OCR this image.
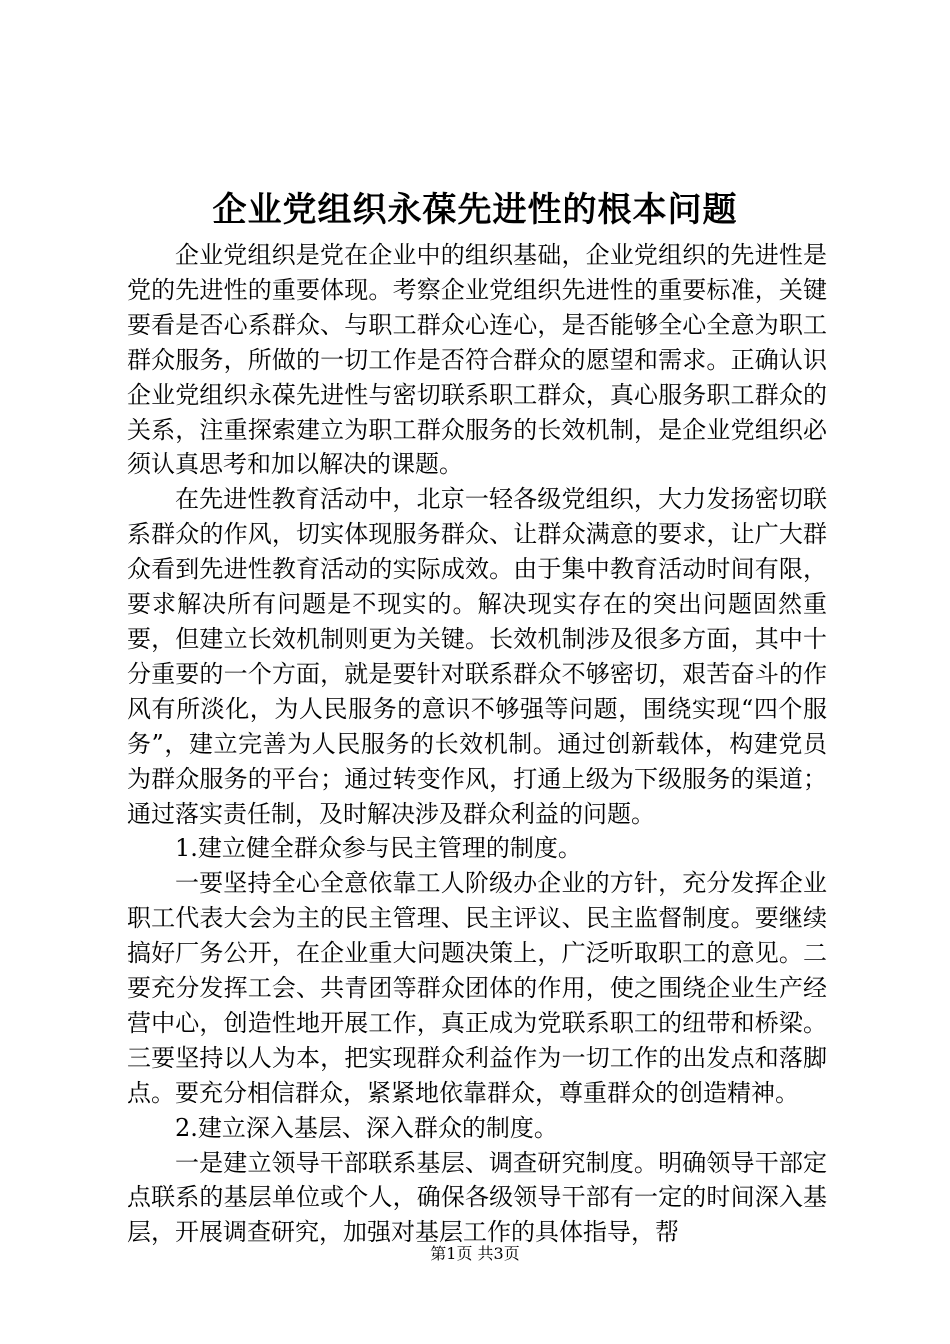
企业党组织永葆先进性的根本问题

企业党组织是党在企业中的组织基础，企业党组织的先进性是党的先进性的重要体现。考察企业党组织先进性的重要标准，关键要看是否心系群众、与职工群众心连心，是否能够全心全意为职工群众服务，所做的一切工作是否符合群众的愿望和需求。正确认识企业党组织永葆先进性与密切联系职工群众，真心服务职工群众的关系，注重探索建立为职工群众服务的长效机制，是企业党组织必须认真思考和加以解决的课题。

在先进性教育活动中，北京一轻各级党组织，大力发扬密切联系群众的作风，切实体现服务群众、让群众满意的要求，让广大群众看到先进性教育活动的实际成效。由于集中教育活动时间有限，要求解决所有问题是不现实的。解决现实存在的突出问题固然重要，但建立长效机制则更为关键。长效机制涉及很多方面，其中十分重要的一个方面，就是要针对联系群众不够密切，艰苦奋斗的作风有所淡化，为人民服务的意识不够强等问题，围绕实现“四个服务”，建立完善为人民服务的长效机制。通过创新载体，构建党员为群众服务的平台；通过转变作风，打通上级为下级服务的渠道；通过落实责任制，及时解决涉及群众利益的问题。

1.建立健全群众参与民主管理的制度。

一要坚持全心全意依靠工人阶级办企业的方针，充分发挥企业职工代表大会为主的民主管理、民主评议、民主监督制度。要继续搞好厂务公开，在企业重大问题决策上，广泛听取职工的意见。二要充分发挥工会、共青团等群众团体的作用，使之围绕企业生产经营中心，创造性地开展工作，真正成为党联系职工的纽带和桥梁。三要坚持以人为本，把实现群众利益作为一切工作的出发点和落脚点。要充分相信群众，紧紧地依靠群众，尊重群众的创造精神。

2.建立深入基层、深入群众的制度。

一是建立领导干部联系基层、调查研究制度。明确领导干部定点联系的基层单位或个人，确保各级领导干部有一定的时间深入基层，开展调查研究，加强对基层工作的具体指导，帮

第1页 共3页
